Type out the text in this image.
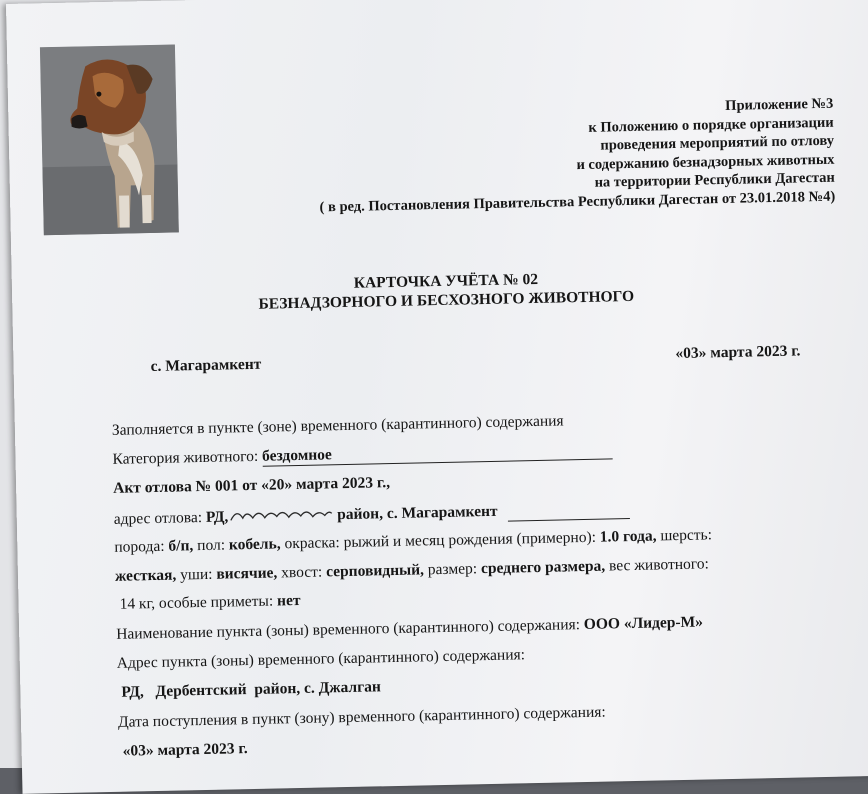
Приложение №3
к Положению о порядке организации
проведения мероприятий по отлову
и содержанию безнадзорных животных
на территории Республики Дагестан
( в ред. Постановления Правительства Республики Дагестан от 23.01.2018 №4)
КАРТОЧКА УЧЁТА № 02
БЕЗНАДЗОРНОГО И БЕСХОЗНОГО ЖИВОТНОГО
с. Магарамкент
«03» марта 2023 г.
Заполняется в пункте (зоне) временного (карантинного) содержания
Категория животного: бездомное
Акт отлова № 001 от «20» марта 2023 г.,
адрес отлова: РД,	район, с. Магарамкент
порода: б/п, пол: кобель, окраска: рыжий и месяц рождения (примерно): 1.0 года, шерсть:
жесткая, уши: висячие, хвост: серповидный, размер: среднего размера, вес животного:
14 кг, особые приметы: нет
Наименование пункта (зоны) временного (карантинного) содержания: ООО «Лидер-М»
Адрес пункта (зоны) временного (карантинного) содержания:
РД,   Дербентский  район, с. Джалган
Дата поступления в пункт (зону) временного (карантинного) содержания:
«03» марта 2023 г.
